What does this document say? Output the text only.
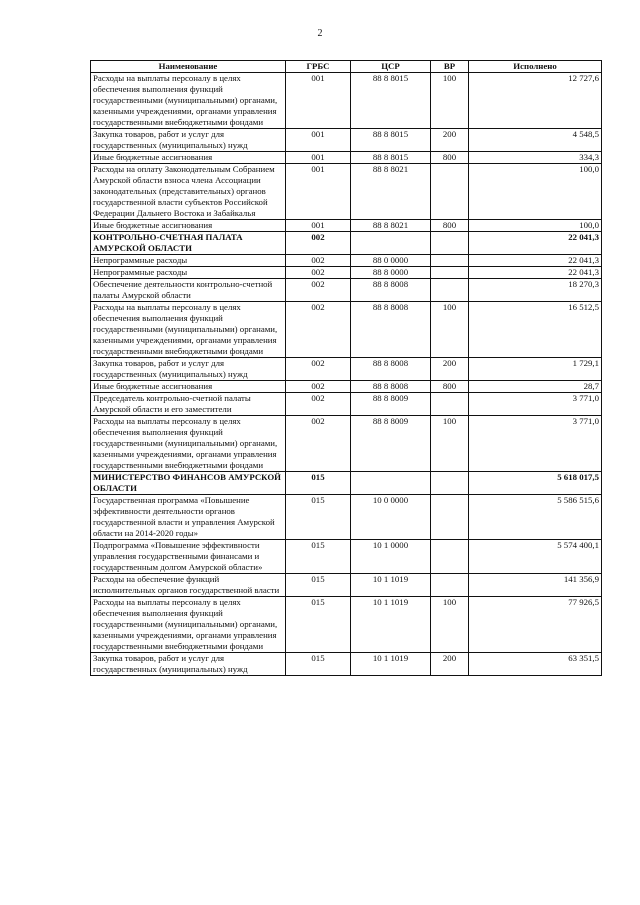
2
Наименование	ГРБС	ЦСР	ВР	Исполнено
Расходы на выплаты персоналу в целях обеспечения выполнения функций государственными (муниципальными) органами, казенными учреждениями, органами управления государственными внебюджетными фондами	001	88 8 8015	100	12 727,6
Закупка товаров, работ и услуг для государственных (муниципальных) нужд	001	88 8 8015	200	4 548,5
Иные бюджетные ассигнования	001	88 8 8015	800	334,3
Расходы на оплату Законодательным Собранием Амурской области взноса члена Ассоциации законодательных (представительных) органов государственной власти субъектов Российской Федерации Дальнего Востока и Забайкалья	001	88 8 8021		100,0
Иные бюджетные ассигнования	001	88 8 8021	800	100,0
КОНТРОЛЬНО-СЧЕТНАЯ ПАЛАТА АМУРСКОЙ ОБЛАСТИ	002			22 041,3
Непрограммные расходы	002	88 0 0000		22 041,3
Непрограммные расходы	002	88 8 0000		22 041,3
Обеспечение деятельности контрольно-счетной палаты Амурской области	002	88 8 8008		18 270,3
Расходы на выплаты персоналу в целях обеспечения выполнения функций государственными (муниципальными) органами, казенными учреждениями, органами управления государственными внебюджетными фондами	002	88 8 8008	100	16 512,5
Закупка товаров, работ и услуг для государственных (муниципальных) нужд	002	88 8 8008	200	1 729,1
Иные бюджетные ассигнования	002	88 8 8008	800	28,7
Председатель контрольно-счетной палаты Амурской области и его заместители	002	88 8 8009		3 771,0
Расходы на выплаты персоналу в целях обеспечения выполнения функций государственными (муниципальными) органами, казенными учреждениями, органами управления государственными внебюджетными фондами	002	88 8 8009	100	3 771,0
МИНИСТЕРСТВО ФИНАНСОВ АМУРСКОЙ ОБЛАСТИ	015			5 618 017,5
Государственная программа «Повышение эффективности деятельности органов государственной власти и управления Амурской области на 2014-2020 годы»	015	10 0 0000		5 586 515,6
Подпрограмма «Повышение эффективности управления государственными финансами и государственным долгом Амурской области»	015	10 1 0000		5 574 400,1
Расходы на обеспечение функций исполнительных органов государственной власти	015	10 1 1019		141 356,9
Расходы на выплаты персоналу в целях обеспечения выполнения функций государственными (муниципальными) органами, казенными учреждениями, органами управления государственными внебюджетными фондами	015	10 1 1019	100	77 926,5
Закупка товаров, работ и услуг для государственных (муниципальных) нужд	015	10 1 1019	200	63 351,5
